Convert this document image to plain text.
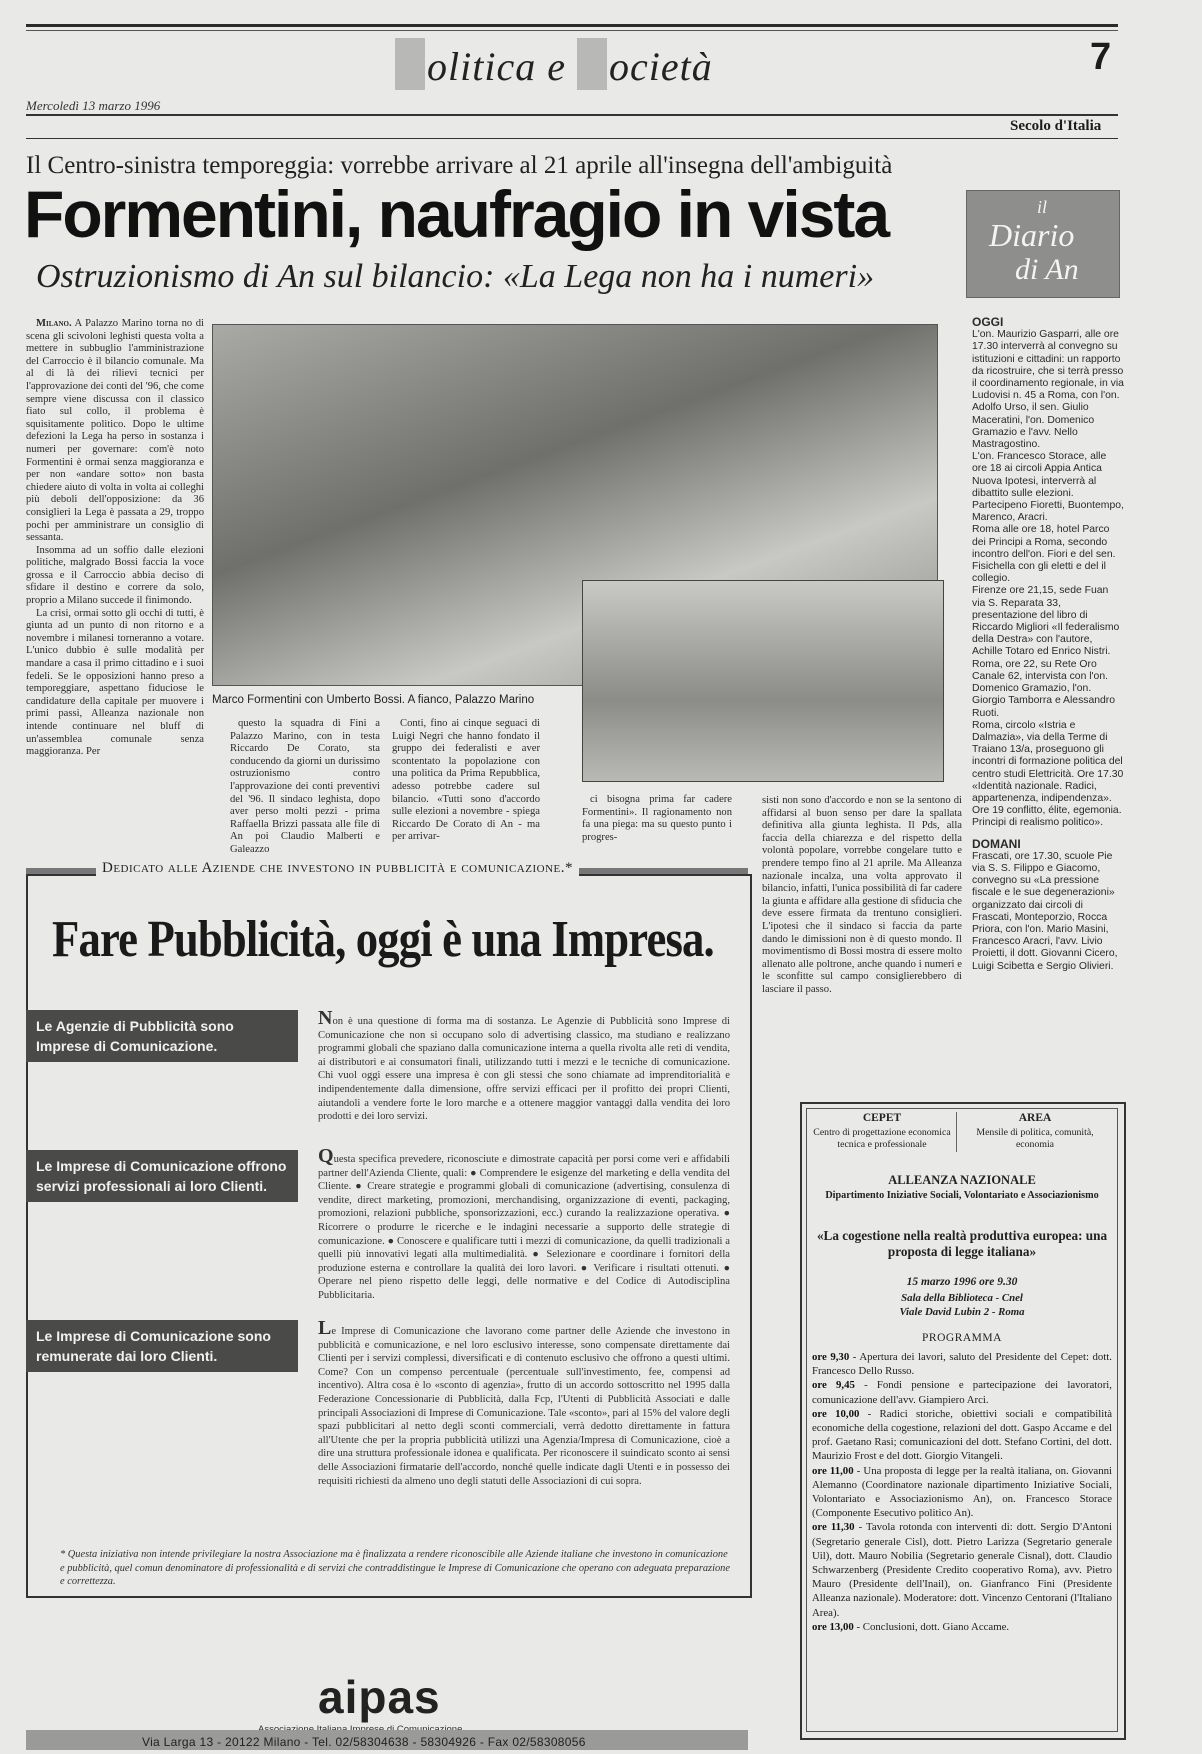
olitica e ocietà	7
Mercoledì 13 marzo 1996
Secolo d'Italia
Il Centro-sinistra temporeggia: vorrebbe arrivare al 21 aprile all'insegna dell'ambiguità
Formentini, naufragio in vista
Ostruzionismo di An sul bilancio: «La Lega non ha i numeri»

Milano. A Palazzo Marino torna no di scena gli scivoloni leghisti questa volta a mettere in subbuglio l'amministrazione del Carroccio è il bilancio comunale. Ma al di là dei rilievi tecnici per l'approvazione dei conti del '96, che come sempre viene discussa con il classico fiato sul collo, il problema è squisitamente politico. Dopo le ultime defezioni la Lega ha perso in sostanza i numeri per governare: com'è noto Formentini è ormai senza maggioranza e per non «andare sotto» non basta chiedere aiuto di volta in volta ai colleghi più deboli dell'opposizione: da 36 consiglieri la Lega è passata a 29, troppo pochi per amministrare un consiglio di sessanta.

Insomma ad un soffio dalle elezioni politiche, malgrado Bossi faccia la voce grossa e il Carroccio abbia deciso di sfidare il destino e correre da solo, proprio a Milano succede il finimondo.

La crisi, ormai sotto gli occhi di tutti, è giunta ad un punto di non ritorno e a novembre i milanesi torneranno a votare. L'unico dubbio è sulle modalità per mandare a casa il primo cittadino e i suoi fedeli. Se le opposizioni hanno preso a temporeggiare, aspettano fiduciose le candidature della capitale per muovere i primi passi, Alleanza nazionale non intende continuare nel bluff di un'assemblea comunale senza maggioranza. Per

Marco Formentini con Umberto Bossi. A fianco, Palazzo Marino

questo la squadra di Fini a Palazzo Marino, con in testa Riccardo De Corato, sta conducendo da giorni un durissimo ostruzionismo contro l'approvazione dei conti preventivi del '96. Il sindaco leghista, dopo aver perso molti pezzi - prima Raffaella Brizzi passata alle file di An poi Claudio Malberti e Galeazzo

Conti, fino ai cinque seguaci di Luigi Negri che hanno fondato il gruppo dei federalisti e aver scontentato la popolazione con una politica da Prima Repubblica, adesso potrebbe cadere sul bilancio. «Tutti sono d'accordo sulle elezioni a novembre - spiega Riccardo De Corato di An - ma per arrivar-

ci bisogna prima far cadere Formentini». Il ragionamento non fa una piega: ma su questo punto i progres-

sisti non sono d'accordo e non se la sentono di affidarsi al buon senso per dare la spallata definitiva alla giunta leghista. Il Pds, alla faccia della chiarezza e del rispetto della volontà popolare, vorrebbe congelare tutto e prendere tempo fino al 21 aprile. Ma Alleanza nazionale incalza, una volta approvato il bilancio, infatti, l'unica possibilità di far cadere la giunta e affidare alla gestione di sfiducia che deve essere firmata da trentuno consiglieri. L'ipotesi che il sindaco si faccia da parte dando le dimissioni non è di questo mondo. Il movimentismo di Bossi mostra di essere molto allenato alle poltrone, anche quando i numeri e le sconfitte sul campo consiglierebbero di lasciare il passo.
il
Diario
di An
OGGI

L'on. Maurizio Gasparri, alle ore 17.30 interverrà al convegno su istituzioni e cittadini: un rapporto da ricostruire, che si terrà presso il coordinamento regionale, in via Ludovisi n. 45 a Roma, con l'on. Adolfo Urso, il sen. Giulio Maceratini, l'on. Domenico Gramazio e l'avv. Nello Mastragostino.

L'on. Francesco Storace, alle ore 18 ai circoli Appia Antica Nuova Ipotesi, interverrà al dibattito sulle elezioni. Partecipeno Fioretti, Buontempo, Marenco, Aracri.

Roma alle ore 18, hotel Parco dei Principi a Roma, secondo incontro dell'on. Fiori e del sen. Fisichella con gli eletti e del il collegio.

Firenze ore 21,15, sede Fuan via S. Reparata 33, presentazione del libro di Riccardo Migliori «Il federalismo della Destra» con l'autore, Achille Totaro ed Enrico Nistri.

Roma, ore 22, su Rete Oro Canale 62, intervista con l'on. Domenico Gramazio, l'on. Giorgio Tamborra e Alessandro Ruoti.

Roma, circolo «Istria e Dalmazia», via della Terme di Traiano 13/a, proseguono gli incontri di formazione politica del centro studi Elettricità. Ore 17.30 «Identità nazionale. Radici, appartenenza, indipendenza». Ore 19 conflitto, élite, egemonia. Principi di realismo politico».

DOMANI

Frascati, ore 17.30, scuole Pie via S. S. Filippo e Giacomo, convegno su «La pressione fiscale e le sue degenerazioni» organizzato dai circoli di Frascati, Monteporzio, Rocca Priora, con l'on. Mario Masini, Francesco Aracri, l'avv. Livio Proietti, il dott. Giovanni Cicero, Luigi Scibetta e Sergio Olivieri.

Dedicato alle Aziende che investono in pubblicità e comunicazione.*
Fare Pubblicità, oggi è una Impresa.
Le Agenzie di Pubblicità sono Imprese di Comunicazione.
Non è una questione di forma ma di sostanza. Le Agenzie di Pubblicità sono Imprese di Comunicazione che non si occupano solo di advertising classico, ma studiano e realizzano programmi globali che spaziano dalla comunicazione interna a quella rivolta alle reti di vendita, ai distributori e ai consumatori finali, utilizzando tutti i mezzi e le tecniche di comunicazione. Chi vuol oggi essere una impresa è con gli stessi che sono chiamate ad imprenditorialità e indipendentemente dalla dimensione, offre servizi efficaci per il profitto dei propri Clienti, aiutandoli a vendere forte le loro marche e a ottenere maggior vantaggi dalla vendita dei loro prodotti e dei loro servizi.
Le Imprese di Comunicazione offrono servizi professionali ai loro Clienti.
Questa specifica prevedere, riconosciute e dimostrate capacità per porsi come veri e affidabili partner dell'Azienda Cliente, quali: ● Comprendere le esigenze del marketing e della vendita del Cliente. ● Creare strategie e programmi globali di comunicazione (advertising, consulenza di vendite, direct marketing, promozioni, merchandising, organizzazione di eventi, packaging, promozioni, relazioni pubbliche, sponsorizzazioni, ecc.) curando la realizzazione operativa. ● Ricorrere o produrre le ricerche e le indagini necessarie a supporto delle strategie di comunicazione. ● Conoscere e qualificare tutti i mezzi di comunicazione, da quelli tradizionali a quelli più innovativi legati alla multimedialità. ● Selezionare e coordinare i fornitori della produzione esterna e controllare la qualità dei loro lavori. ● Verificare i risultati ottenuti. ● Operare nel pieno rispetto delle leggi, delle normative e del Codice di Autodisciplina Pubblicitaria.
Le Imprese di Comunicazione sono remunerate dai loro Clienti.
Le Imprese di Comunicazione che lavorano come partner delle Aziende che investono in pubblicità e comunicazione, e nel loro esclusivo interesse, sono compensate direttamente dai Clienti per i servizi complessi, diversificati e di contenuto esclusivo che offrono a questi ultimi. Come? Con un compenso percentuale (percentuale sull'investimento, fee, compensi ad incentivo). Altra cosa è lo «sconto di agenzia», frutto di un accordo sottoscritto nel 1995 dalla Federazione Concessionarie di Pubblicità, dalla Fcp, l'Utenti di Pubblicità Associati e dalle principali Associazioni di Imprese di Comunicazione. Tale «sconto», pari al 15% del valore degli spazi pubblicitari al netto degli sconti commerciali, verrà dedotto direttamente in fattura all'Utente che per la propria pubblicità utilizzi una Agenzia/Impresa di Comunicazione, cioè a dire una struttura professionale idonea e qualificata. Per riconoscere il suindicato sconto ai sensi delle Associazioni firmatarie dell'accordo, nonché quelle indicate dagli Utenti e in possesso dei requisiti richiesti da almeno uno degli statuti delle Associazioni di cui sopra.
* Questa iniziativa non intende privilegiare la nostra Associazione ma è finalizzata a rendere riconoscibile alle Aziende italiane che investono in comunicazione e pubblicità, quel comun denominatore di professionalità e di servizi che contraddistingue le Imprese di Comunicazione che operano con adeguata preparazione e correttezza.
aipas
Via Larga 13 - 20122 Milano - Tel. 02/58304638 - 58304926 - Fax 02/58308056
CEPET
Centro di progettazione economica tecnica e professionale
AREA
Mensile di politica, comunità, economia
ALLEANZA NAZIONALE
Dipartimento Iniziative Sociali, Volontariato e Associazionismo
«La cogestione nella realtà produttiva europea: una proposta di legge italiana»
15 marzo 1996 ore 9.30
Sala della Biblioteca - Cnel
Viale David Lubin 2 - Roma
PROGRAMMA

ore 9,30 - Apertura dei lavori, saluto del Presidente del Cepet: dott. Francesco Dello Russo.

ore 9,45 - Fondi pensione e partecipazione dei lavoratori, comunicazione dell'avv. Giampiero Arci.

ore 10,00 - Radici storiche, obiettivi sociali e compatibilità economiche della cogestione, relazioni del dott. Gaspo Accame e del prof. Gaetano Rasi; comunicazioni del dott. Stefano Cortini, del dott. Maurizio Frost e del dott. Giorgio Vitangeli.

ore 11,00 - Una proposta di legge per la realtà italiana, on. Giovanni Alemanno (Coordinatore nazionale dipartimento Iniziative Sociali, Volontariato e Associazionismo An), on. Francesco Storace (Componente Esecutivo politico An).

ore 11,30 - Tavola rotonda con interventi di: dott. Sergio D'Antoni (Segretario generale Cisl), dott. Pietro Larizza (Segretario generale Uil), dott. Mauro Nobilia (Segretario generale Cisnal), dott. Claudio Schwarzenberg (Presidente Credito cooperativo Roma), avv. Pietro Mauro (Presidente dell'Inail), on. Gianfranco Fini (Presidente Alleanza nazionale). Moderatore: dott. Vincenzo Centorani (l'Italiano Area).

ore 13,00 - Conclusioni, dott. Giano Accame.
